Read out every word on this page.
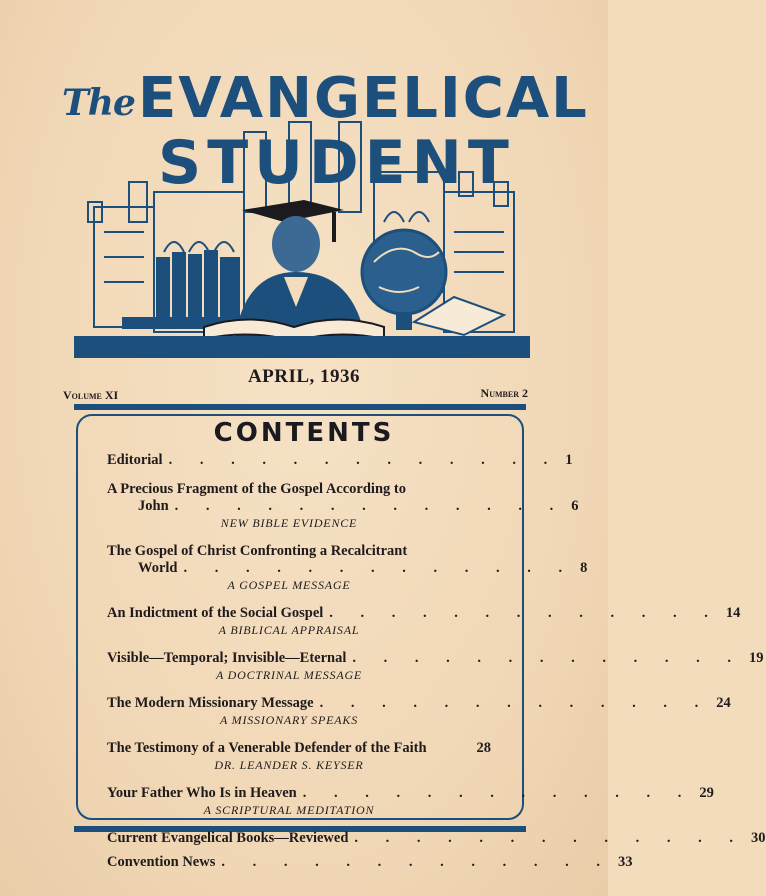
The EVANGELICAL
STUDENT
APRIL, 1936
Volume XI	Number 2
CONTENTS
Editorial . . . . . . . . . . . . . 1
A Precious Fragment of the Gospel According to
John . . . . . . . . . . . . . 6
NEW BIBLE EVIDENCE
The Gospel of Christ Confronting a Recalcitrant
World . . . . . . . . . . . . . 8
A GOSPEL MESSAGE
An Indictment of the Social Gospel . . . . . . . . . . . . . 14
A BIBLICAL APPRAISAL
Visible—Temporal; Invisible—Eternal . . . . . . . . . . . . . 19
A DOCTRINAL MESSAGE
The Modern Missionary Message . . . . . . . . . . . . . 24
A MISSIONARY SPEAKS
The Testimony of a Venerable Defender of the Faith	28
DR. LEANDER S. KEYSER
Your Father Who Is in Heaven . . . . . . . . . . . . . 29
A SCRIPTURAL MEDITATION
Current Evangelical Books—Reviewed . . . . . . . . . . . . . 30
Convention News . . . . . . . . . . . . . 33
